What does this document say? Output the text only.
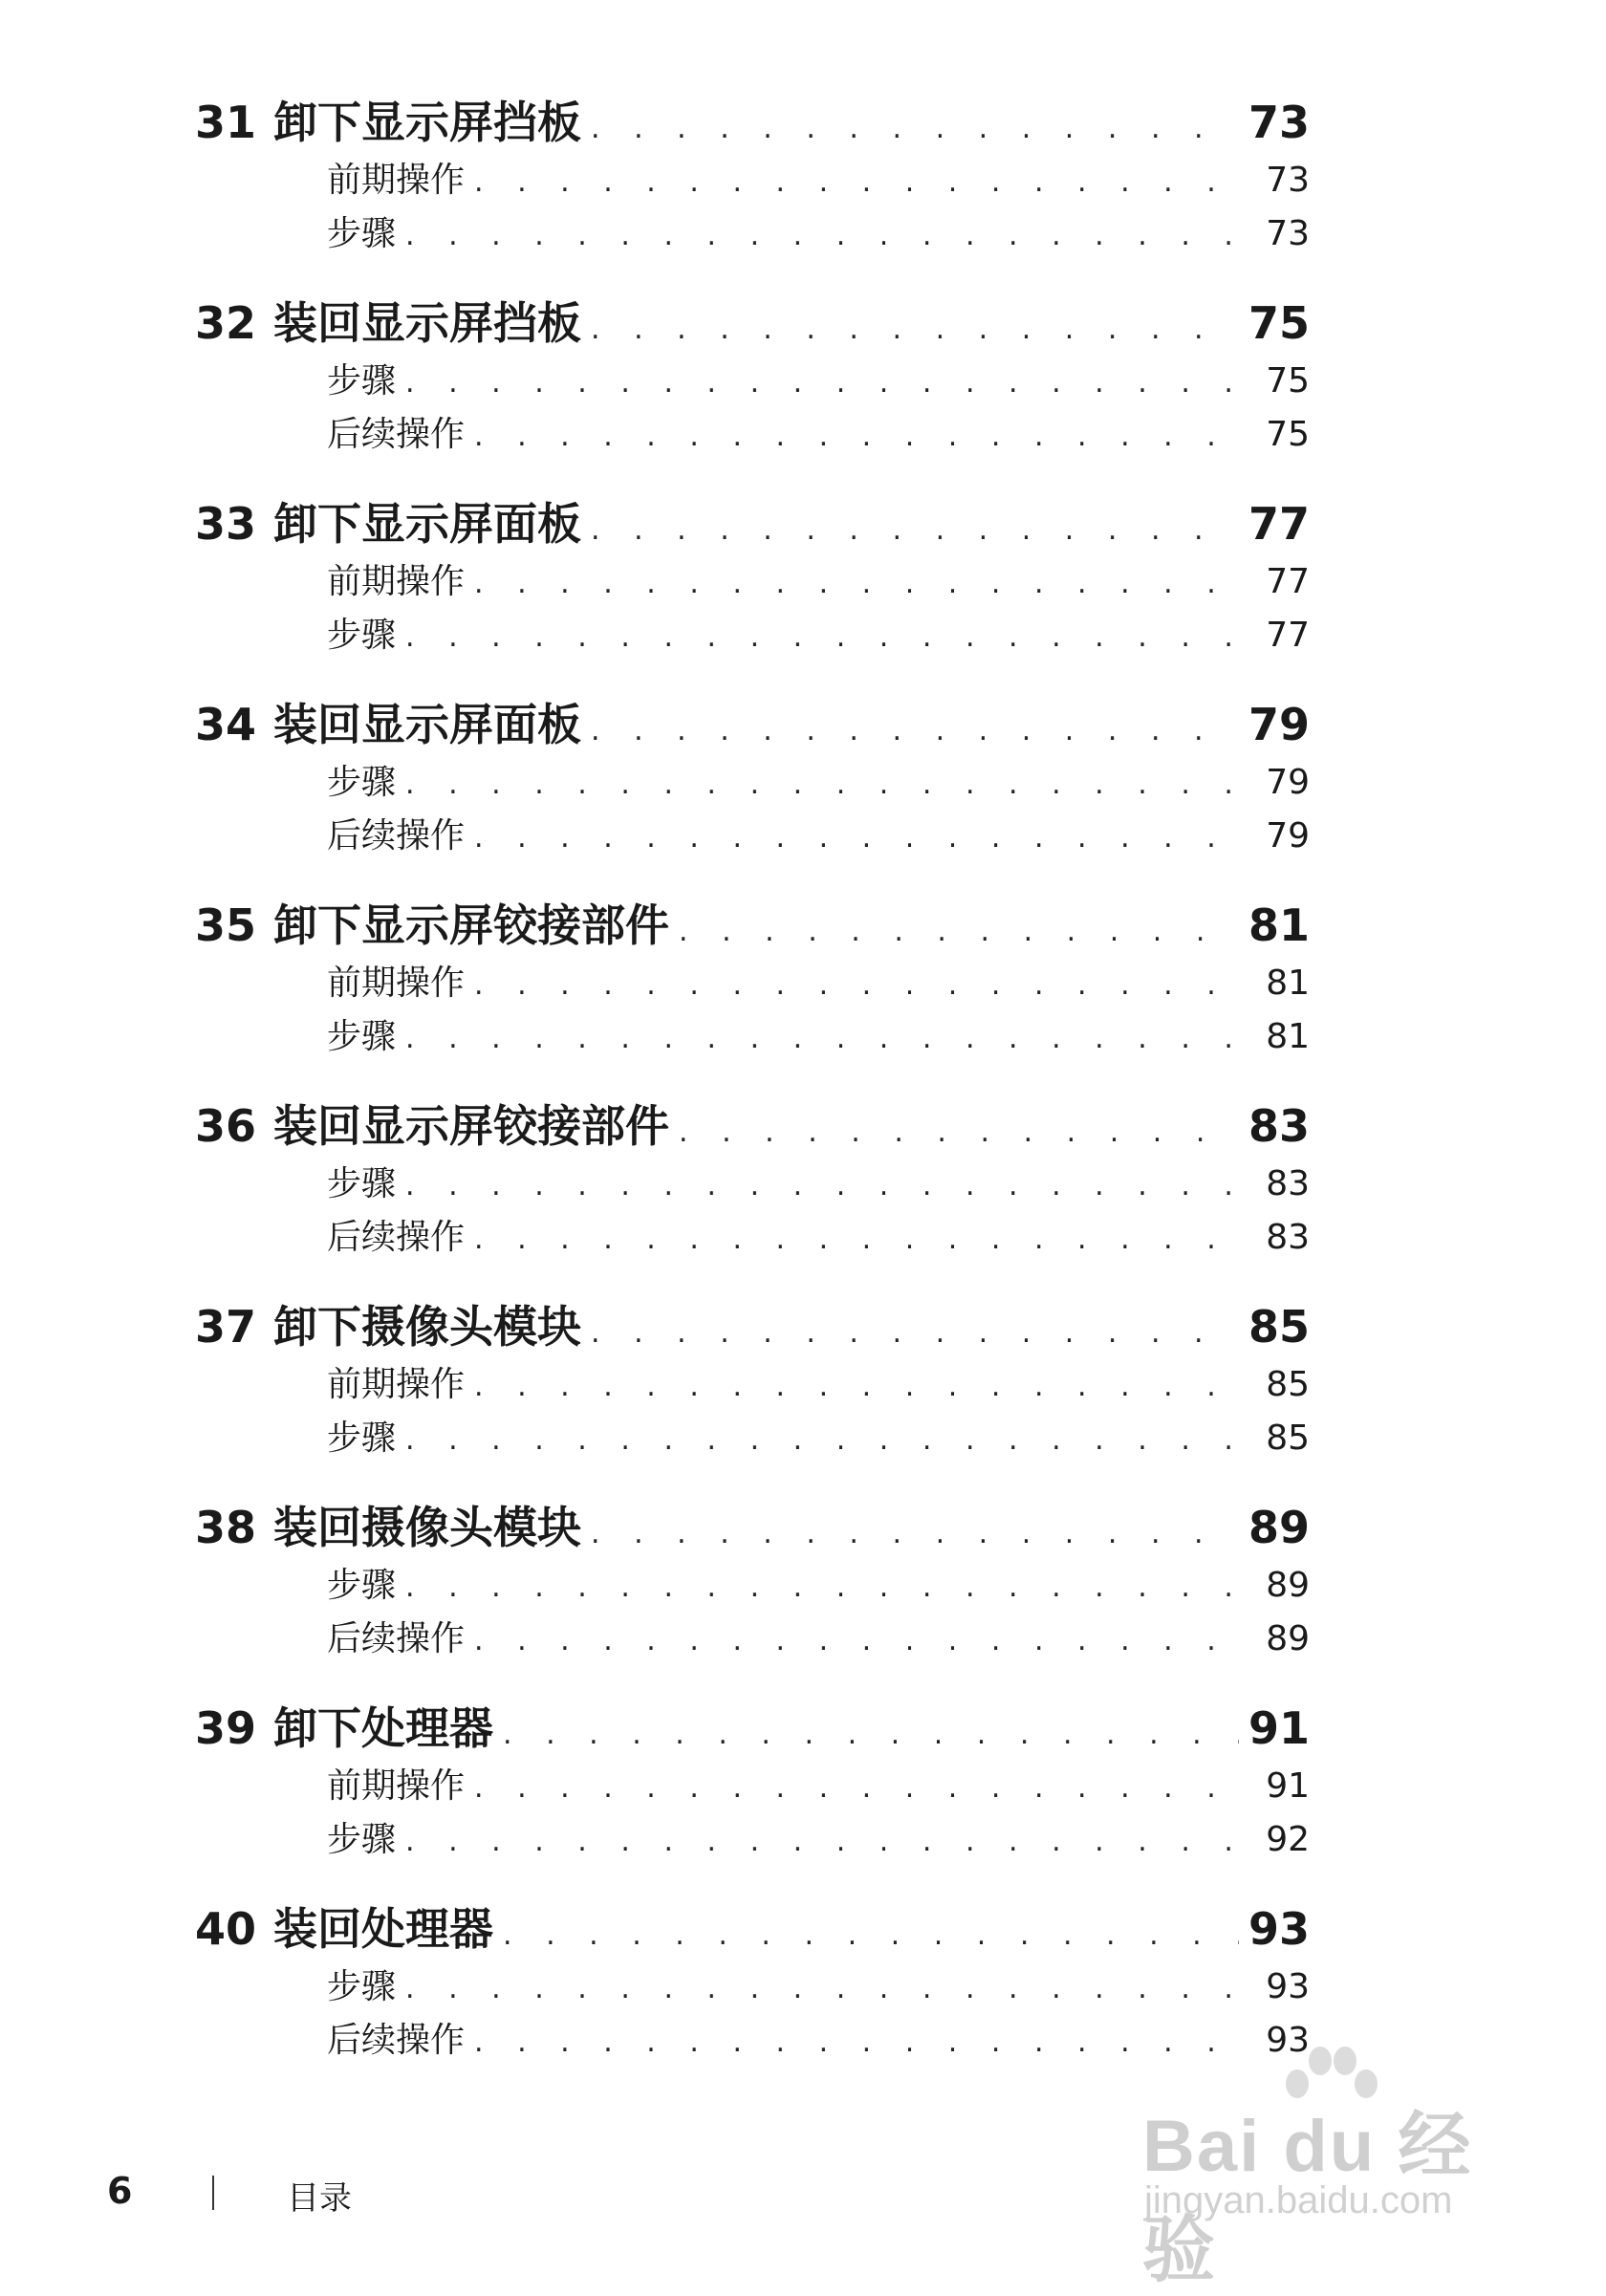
31 卸下显示屏挡板 . . .	73
前期操作 . . .	73
步骤 . . .	73
32 装回显示屏挡板 . . .	75
步骤 . . .	75
后续操作 . . .	75
33 卸下显示屏面板 . . .	77
前期操作 . . .	77
步骤 . . .	77
34 装回显示屏面板 . . .	79
步骤 . . .	79
后续操作 . . .	79
35 卸下显示屏铰接部件 . . .	81
前期操作 . . .	81
步骤 . . .	81
36 装回显示屏铰接部件 . . .	83
步骤 . . .	83
后续操作 . . .	83
37 卸下摄像头模块 . . .	85
前期操作 . . .	85
步骤 . . .	85
38 装回摄像头模块 . . .	89
步骤 . . .	89
后续操作 . . .	89
39 卸下处理器 . . .	91
前期操作 . . .	91
步骤 . . .	92
40 装回处理器 . . .	93
步骤 . . .	93
后续操作 . . .	93
6	目录
Bai du 经验
jingyan.baidu.com
